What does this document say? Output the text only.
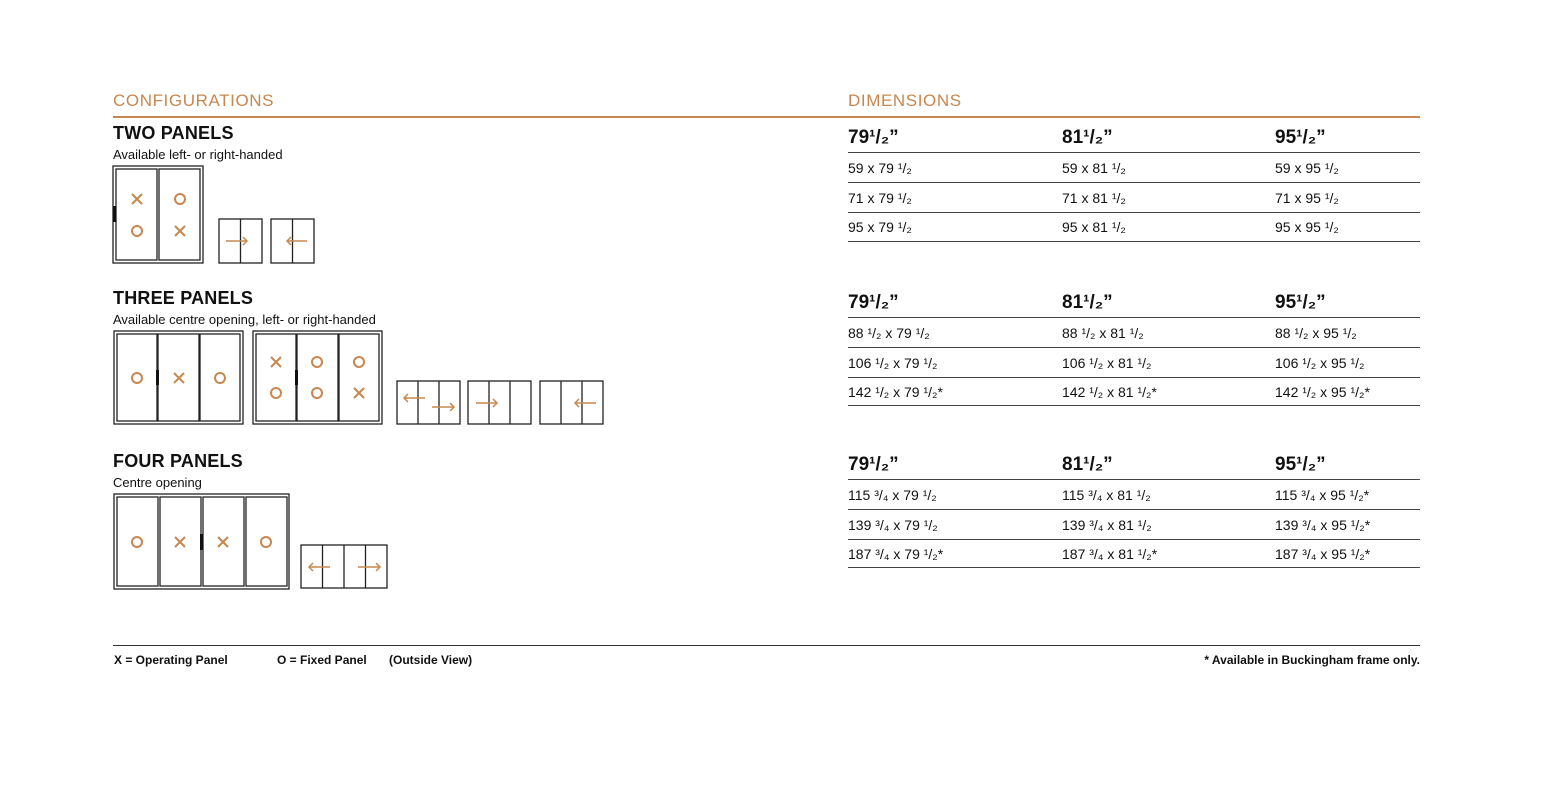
CONFIGURATIONS	DIMENSIONS
TWO PANELS
Available left- or right-handed
THREE PANELS
Available centre opening, left- or right-handed
FOUR PANELS
Centre opening
79¹/₂”	81¹/₂”	95¹/₂”
59 x 79 ¹/₂	59 x 81 ¹/₂	59 x 95 ¹/₂
71 x 79 ¹/₂	71 x 81 ¹/₂	71 x 95 ¹/₂
95 x 79 ¹/₂	95 x 81 ¹/₂	95 x 95 ¹/₂
79¹/₂”	81¹/₂”	95¹/₂”
88 ¹/₂ x 79 ¹/₂	88 ¹/₂ x 81 ¹/₂	88 ¹/₂ x 95 ¹/₂
106 ¹/₂ x 79 ¹/₂	106 ¹/₂ x 81 ¹/₂	106 ¹/₂ x 95 ¹/₂
142 ¹/₂ x 79 ¹/₂*	142 ¹/₂ x 81 ¹/₂*	142 ¹/₂ x 95 ¹/₂*
79¹/₂”	81¹/₂”	95¹/₂”
115 ³/₄ x 79 ¹/₂	115 ³/₄ x 81 ¹/₂	115 ³/₄ x 95 ¹/₂*
139 ³/₄ x 79 ¹/₂	139 ³/₄ x 81 ¹/₂	139 ³/₄ x 95 ¹/₂*
187 ³/₄ x 79 ¹/₂*	187 ³/₄ x 81 ¹/₂*	187 ³/₄ x 95 ¹/₂*
X = Operating Panel	O = Fixed Panel (Outside View)	* Available in Buckingham frame only.
